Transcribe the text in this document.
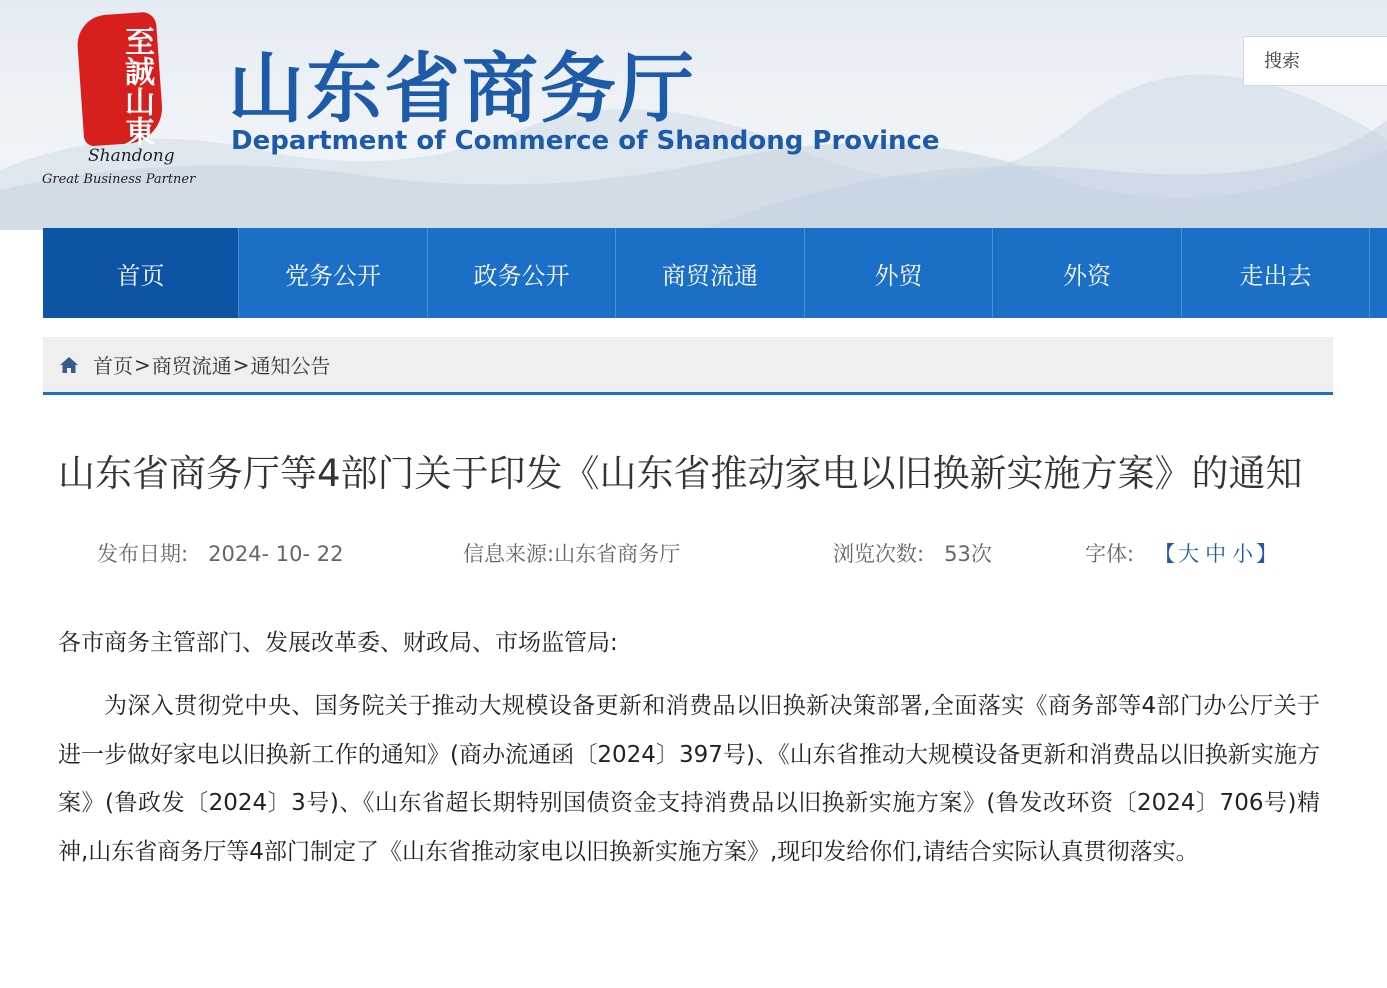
至誠山東
Shandong
Great Business Partner
山东省商务厅
Department of Commerce of Shandong Province
搜索
首页	党务公开	政务公开	商贸流通	外贸	外资	走出去
首页 > 商贸流通 > 通知公告
山东省商务厅等4部门关于印发《山东省推动家电以旧换新实施方案》的通知
发布日期: 2024- 10- 22	信息来源:山东省商务厅	浏览次数: 53次	字体: 【 大 中 小 】
各市商务主管部门、发展改革委、财政局、市场监管局:

为深入贯彻党中央、国务院关于推动大规模设备更新和消费品以旧换新决策部署,全面落实《商务部等4部门办公厅关于进一步做好家电以旧换新工作的通知》(商办流通函〔2024〕397号)、《山东省推动大规模设备更新和消费品以旧换新实施方案》(鲁政发〔2024〕3号)、《山东省超长期特别国债资金支持消费品以旧换新实施方案》(鲁发改环资〔2024〕706号)精神,山东省商务厅等4部门制定了《山东省推动家电以旧换新实施方案》,现印发给你们,请结合实际认真贯彻落实。
